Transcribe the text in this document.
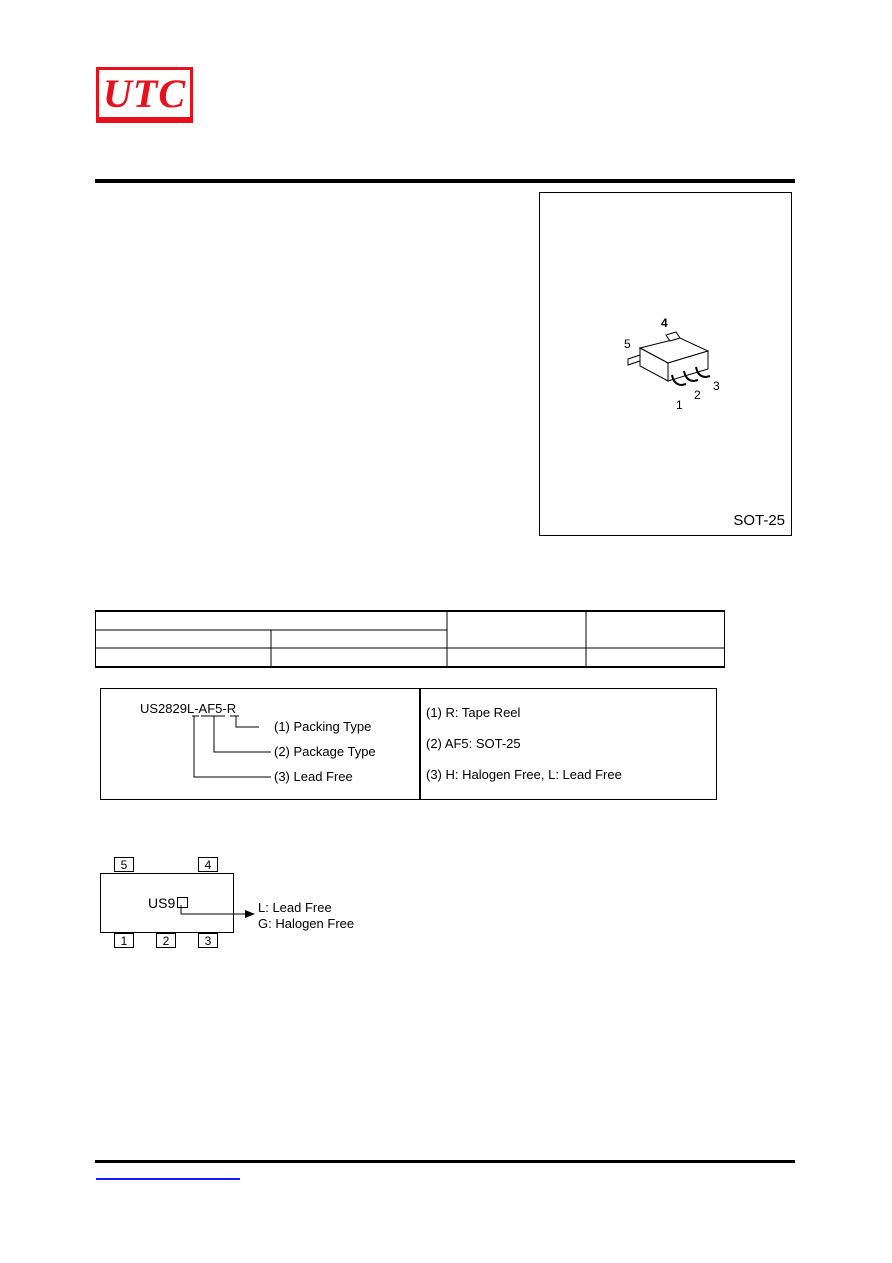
UTC
4
5
1
2
3
SOT-25
US2829L-AF5-R
(1) Packing Type
(2) Package Type
(3) Lead Free
(1) R: Tape Reel
(2) AF5: SOT-25
(3) H: Halogen Free, L: Lead Free
5	4
US9
1	2	3
L: Lead Free
G: Halogen Free
